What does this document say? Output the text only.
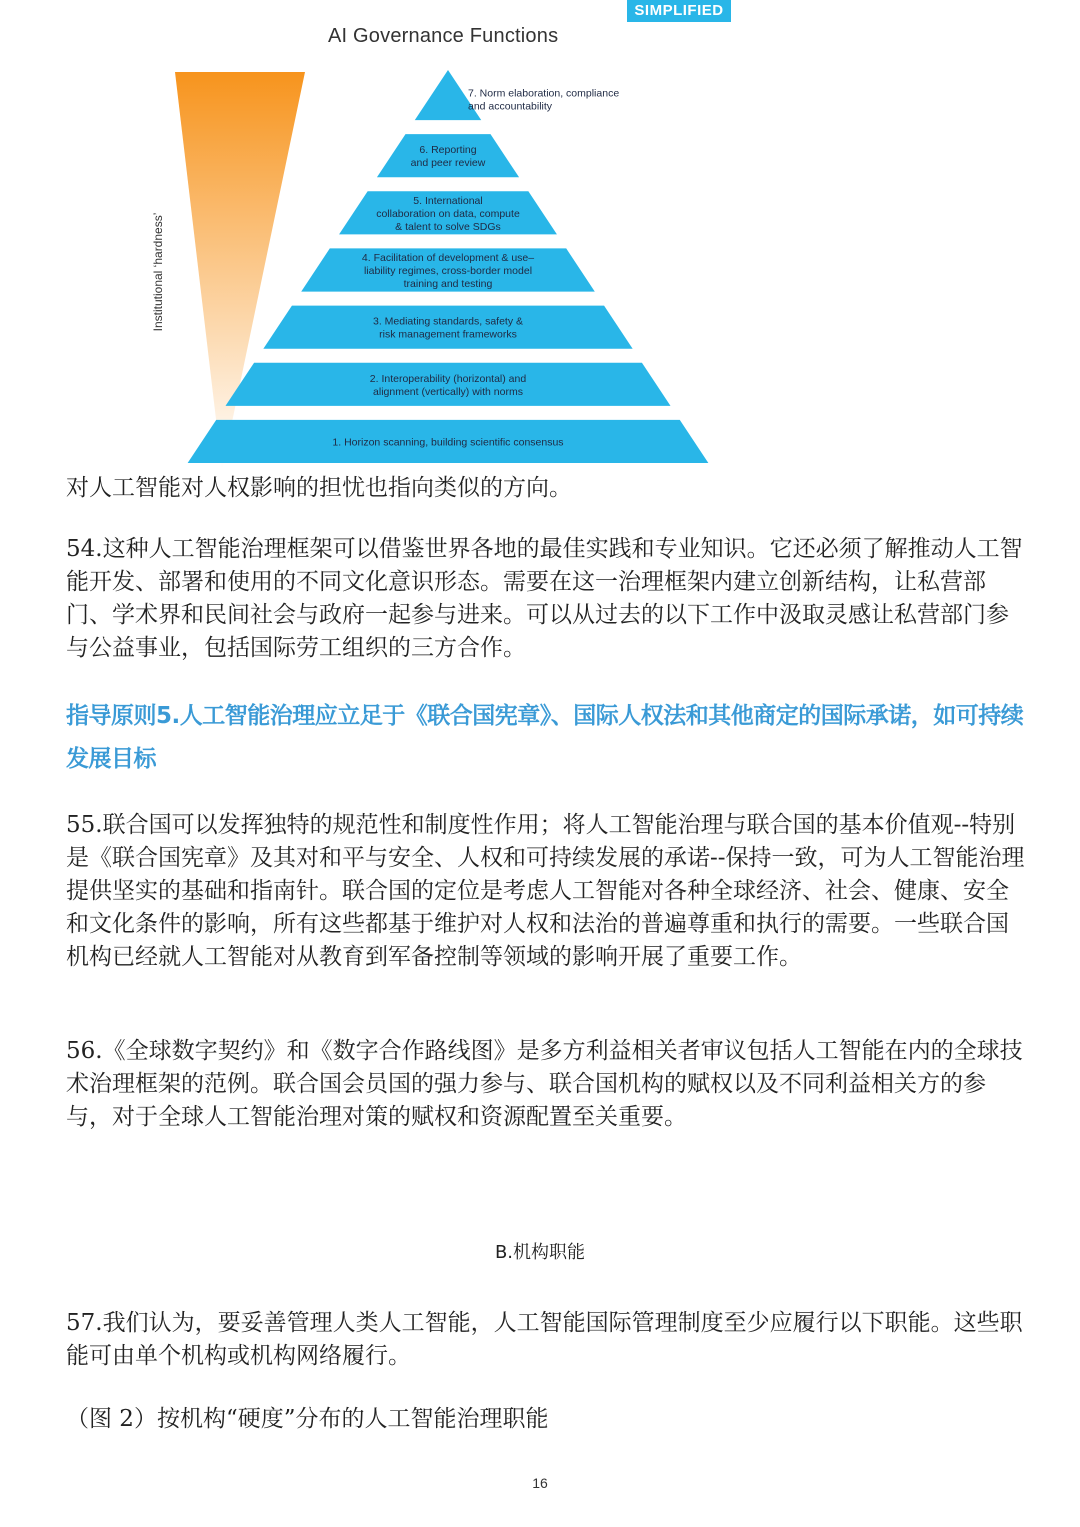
SIMPLIFIED
AI Governance Functions
Institutional ‘hardness’
7. Norm elaboration, compliance
and accountability
6. Reporting
and peer review
5. International
collaboration on data, compute
& talent to solve SDGs
4. Facilitation of development & use–
liability regimes, cross-border model
training and testing
3. Mediating standards, safety &
risk management frameworks
2. Interoperability (horizontal) and
alignment (vertically) with norms
1. Horizon scanning, building scientific consensus

对人工智能对人权影响的担忧也指向类似的方向。

54.这种人工智能治理框架可以借鉴世界各地的最佳实践和专业知识。它还必须了解推动人工智能开发、部署和使用的不同文化意识形态。需要在这一治理框架内建立创新结构，让私营部门、学术界和民间社会与政府一起参与进来。可以从过去的以下工作中汲取灵感让私营部门参与公益事业，包括国际劳工组织的三方合作。

指导原则5.人工智能治理应立足于《联合国宪章》、国际人权法和其他商定的国际承诺，如可持续发展目标

55.联合国可以发挥独特的规范性和制度性作用；将人工智能治理与联合国的基本价值观--特别是《联合国宪章》及其对和平与安全、人权和可持续发展的承诺--保持一致，可为人工智能治理提供坚实的基础和指南针。联合国的定位是考虑人工智能对各种全球经济、社会、健康、安全和文化条件的影响，所有这些都基于维护对人权和法治的普遍尊重和执行的需要。一些联合国机构已经就人工智能对从教育到军备控制等领域的影响开展了重要工作。

56.《全球数字契约》和《数字合作路线图》是多方利益相关者审议包括人工智能在内的全球技术治理框架的范例。联合国会员国的强力参与、联合国机构的赋权以及不同利益相关方的参与，对于全球人工智能治理对策的赋权和资源配置至关重要。

B.机构职能

57.我们认为，要妥善管理人类人工智能，人工智能国际管理制度至少应履行以下职能。这些职能可由单个机构或机构网络履行。

（图 2）按机构“硬度”分布的人工智能治理职能
16
